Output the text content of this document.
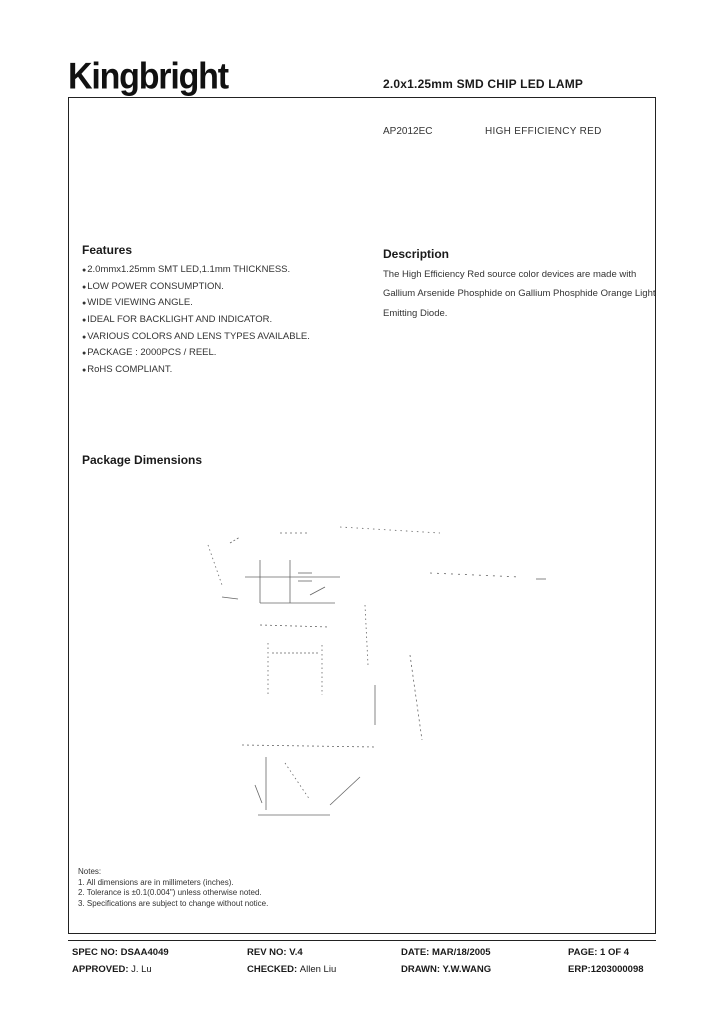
Kingbright	2.0x1.25mm SMD CHIP LED LAMP
AP2012EC	HIGH EFFICIENCY RED
Features
●2.0mmx1.25mm SMT LED,1.1mm THICKNESS.
●LOW POWER CONSUMPTION.
●WIDE VIEWING ANGLE.
●IDEAL FOR BACKLIGHT AND INDICATOR.
●VARIOUS COLORS AND LENS TYPES AVAILABLE.
●PACKAGE : 2000PCS / REEL.
●RoHS COMPLIANT.
Description
The High Efficiency Red source color devices are made with Gallium Arsenide Phosphide on Gallium Phosphide Orange Light Emitting Diode.
Package Dimensions
Notes:
1. All dimensions are in millimeters (inches).
2. Tolerance is ±0.1(0.004") unless otherwise noted.
3. Specifications are subject to change without notice.
SPEC NO: DSAA4049	REV NO: V.4	DATE: MAR/18/2005	PAGE: 1 OF 4
APPROVED: J. Lu	CHECKED: Allen Liu	DRAWN: Y.W.WANG	ERP:1203000098
